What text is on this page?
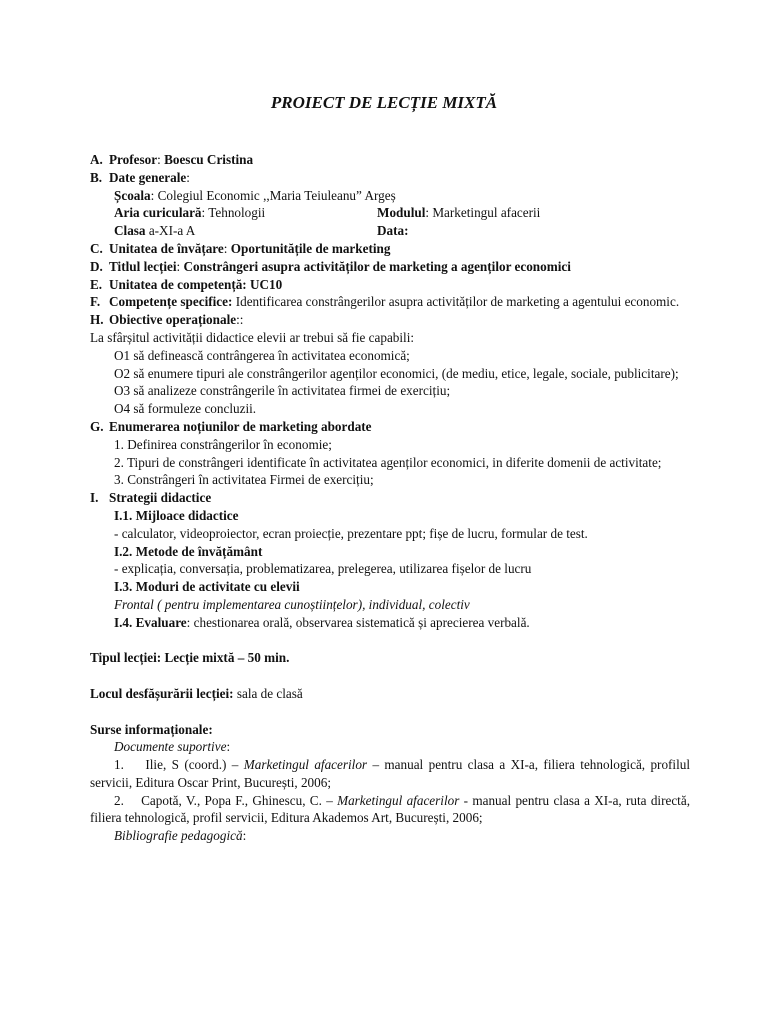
PROIECT DE LECȚIE MIXTĂ

A. Profesor: Boescu Cristina

B. Date generale:

Școala: Colegiul Economic ,,Maria Teiuleanu” Argeș

Aria curiculară: Tehnologii	Modulul: Marketingul afacerii
Clasa a-XI-a A	Data:

C. Unitatea de învățare: Oportunitățile de marketing

D. Titlul lecției: Constrângeri asupra activităților de marketing a agenților economici

E. Unitatea de competență: UC10

F. Competențe specifice: Identificarea constrângerilor asupra activităților de marketing a agentului economic.

H. Obiective operaționale::

La sfârșitul activității didactice elevii ar trebui să fie capabili:

O1 să definească contrângerea în activitatea economică;

O2 să enumere tipuri ale constrângerilor agenților economici, (de mediu, etice, legale, sociale, publicitare);

O3 să analizeze constrângerile în activitatea firmei de exercițiu;

O4 să formuleze concluzii.

G. Enumerarea noțiunilor de marketing abordate

1. Definirea constrângerilor în economie;

2. Tipuri de constrângeri identificate în activitatea agenților economici, in diferite domenii de activitate;

3. Constrângeri în activitatea Firmei de exercițiu;

I. Strategii didactice

I.1. Mijloace didactice

- calculator, videoproiector, ecran proiecție, prezentare ppt; fișe de lucru, formular de test.

I.2. Metode de învățământ

- explicația, conversația, problematizarea, prelegerea, utilizarea fișelor de lucru

I.3. Moduri de activitate cu elevii

Frontal ( pentru implementarea cunoștiințelor), individual, colectiv

I.4. Evaluare: chestionarea orală, observarea sistematică și aprecierea verbală.

Tipul lecției: Lecție mixtă – 50 min.

Locul desfășurării lecției: sala de clasă

Surse informaționale:

Documente suportive:

1. Ilie, S (coord.) – Marketingul afacerilor – manual pentru clasa a XI-a, filiera tehnologică, profilul servicii, Editura Oscar Print, București, 2006;

2. Capotă, V., Popa F., Ghinescu, C. – Marketingul afacerilor - manual pentru clasa a XI-a, ruta directă, filiera tehnologică, profil servicii, Editura Akademos Art, București, 2006;

Bibliografie pedagogică:
